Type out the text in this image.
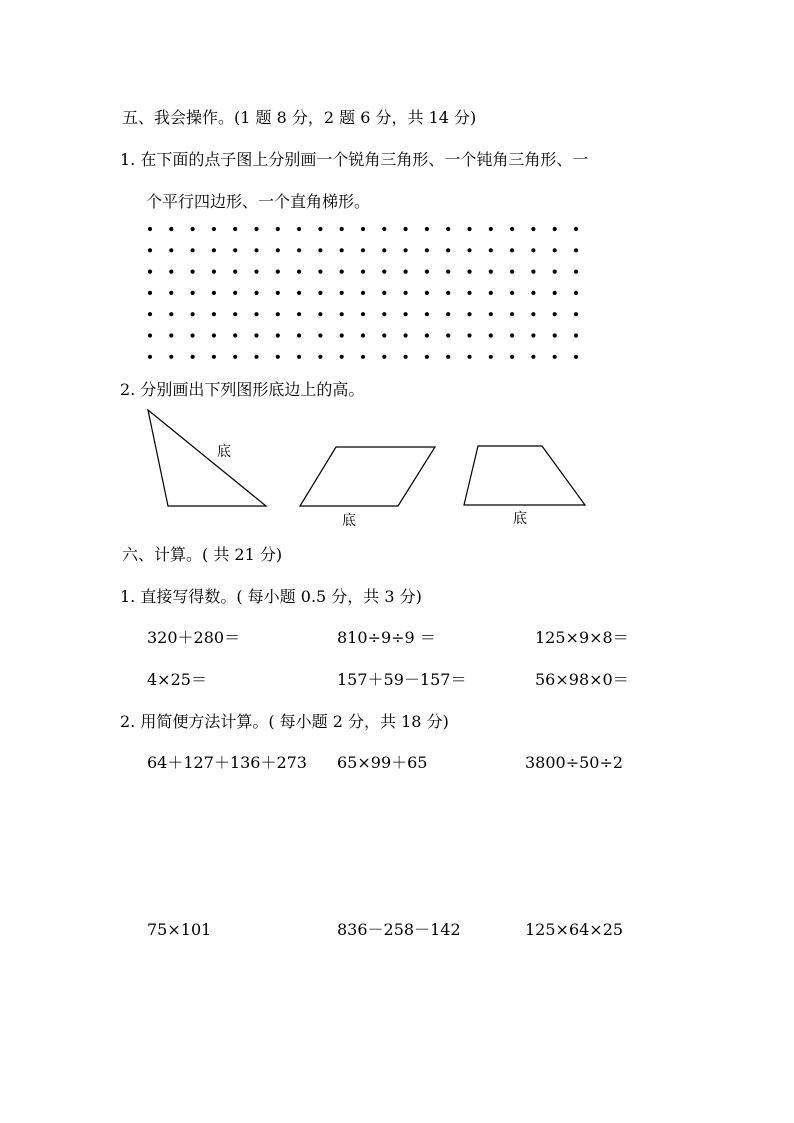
五、我会操作。(1 题 8 分，2 题 6 分，共 14 分)
1. 在下面的点子图上分别画一个锐角三角形、一个钝角三角形、一
个平行四边形、一个直角梯形。
2. 分别画出下列图形底边上的高。
底
底	底
六、计算。( 共 21 分)
1. 直接写得数。( 每小题 0.5 分，共 3 分)
320＋280＝	810÷9÷9 ＝	125×9×8＝
4×25＝	157＋59－157＝	56×98×0＝
2. 用简便方法计算。( 每小题 2 分，共 18 分)
64＋127＋136＋273 65×99＋65	3800÷50÷2
75×101	836－258－142	125×64×25
